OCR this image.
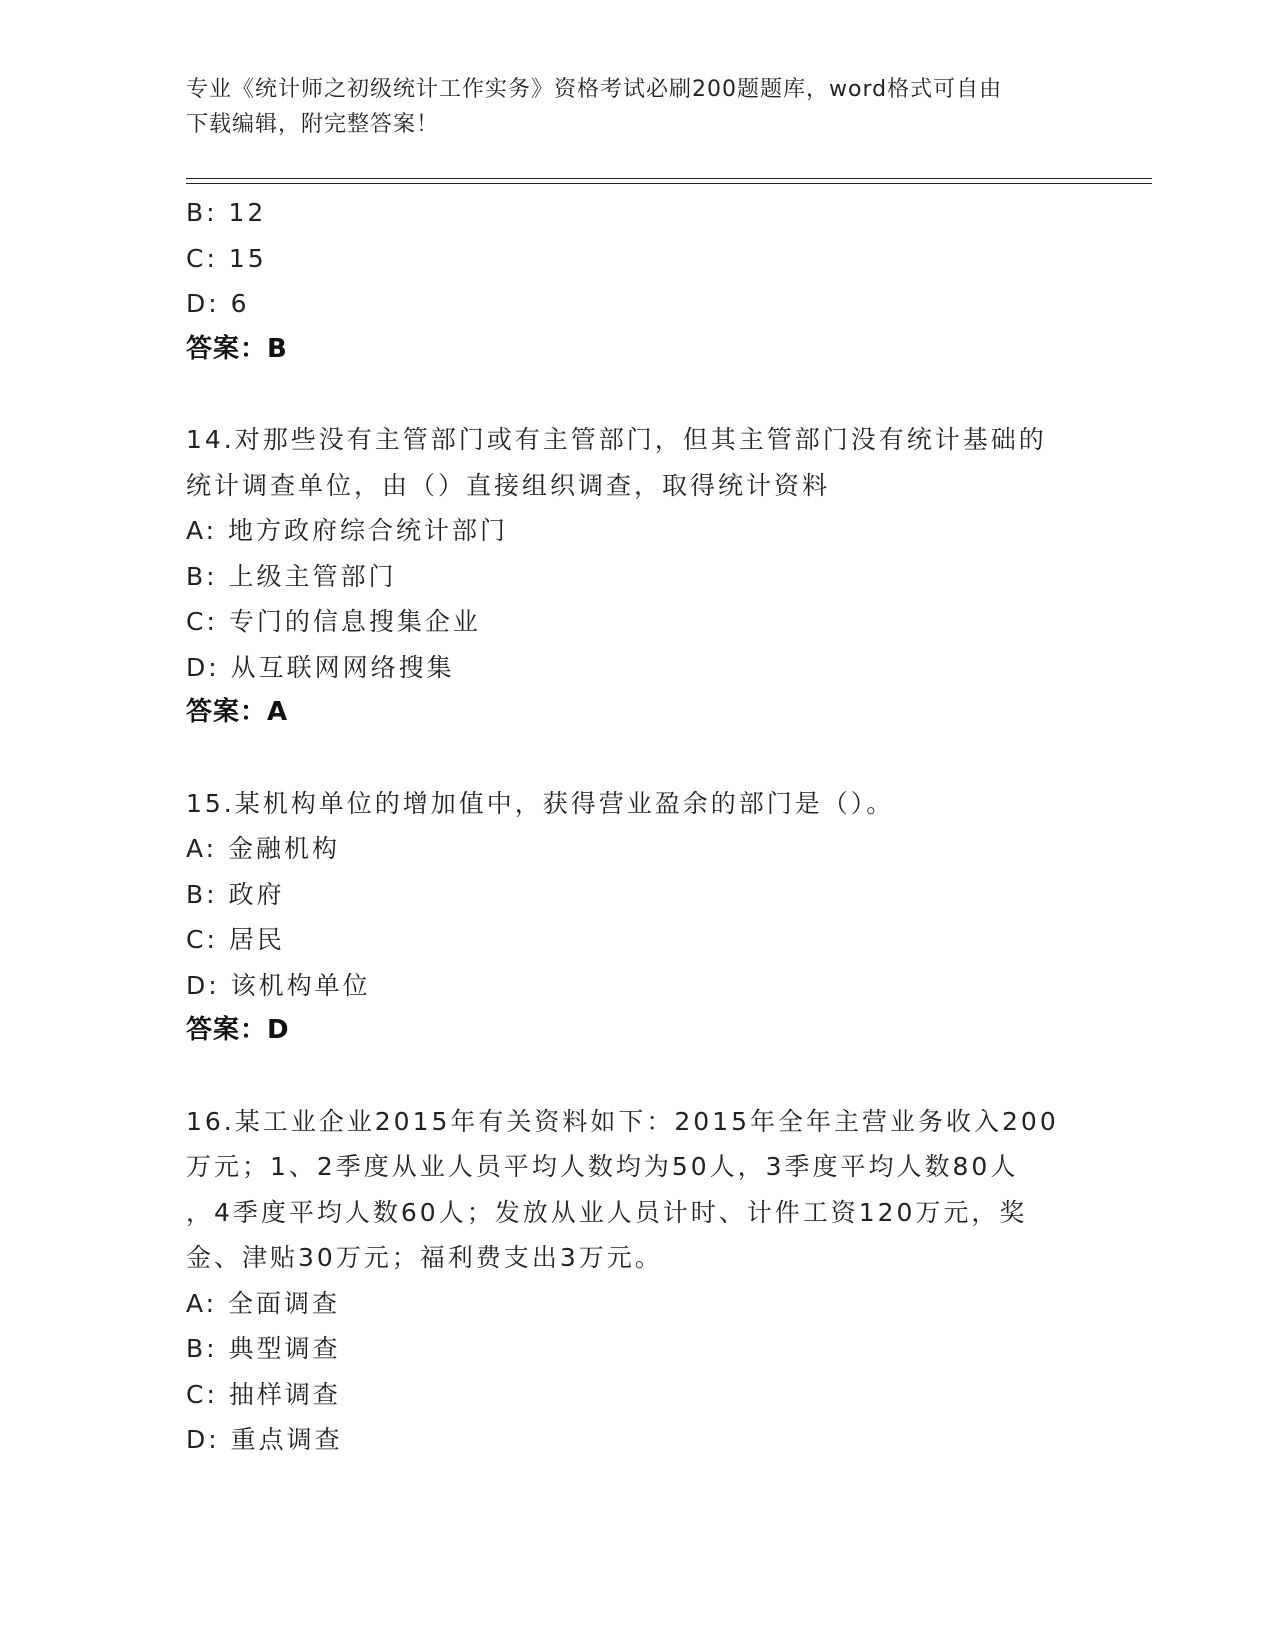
专业《统计师之初级统计工作实务》资格考试必刷200题题库，word格式可自由
下载编辑，附完整答案！

B: 12

C: 15

D: 6

答案：B

14.对那些没有主管部门或有主管部门，但其主管部门没有统计基础的
统计调查单位，由（）直接组织调查，取得统计资料

A: 地方政府综合统计部门

B: 上级主管部门

C: 专门的信息搜集企业

D: 从互联网网络搜集

答案：A

15.某机构单位的增加值中，获得营业盈余的部门是（）。

A: 金融机构

B: 政府

C: 居民

D: 该机构单位

答案：D

16.某工业企业2015年有关资料如下：2015年全年主营业务收入200
万元；1、2季度从业人员平均人数均为50人，3季度平均人数80人
，4季度平均人数60人；发放从业人员计时、计件工资120万元，奖
金、津贴30万元；福利费支出3万元。

A: 全面调查

B: 典型调查

C: 抽样调查

D: 重点调查
